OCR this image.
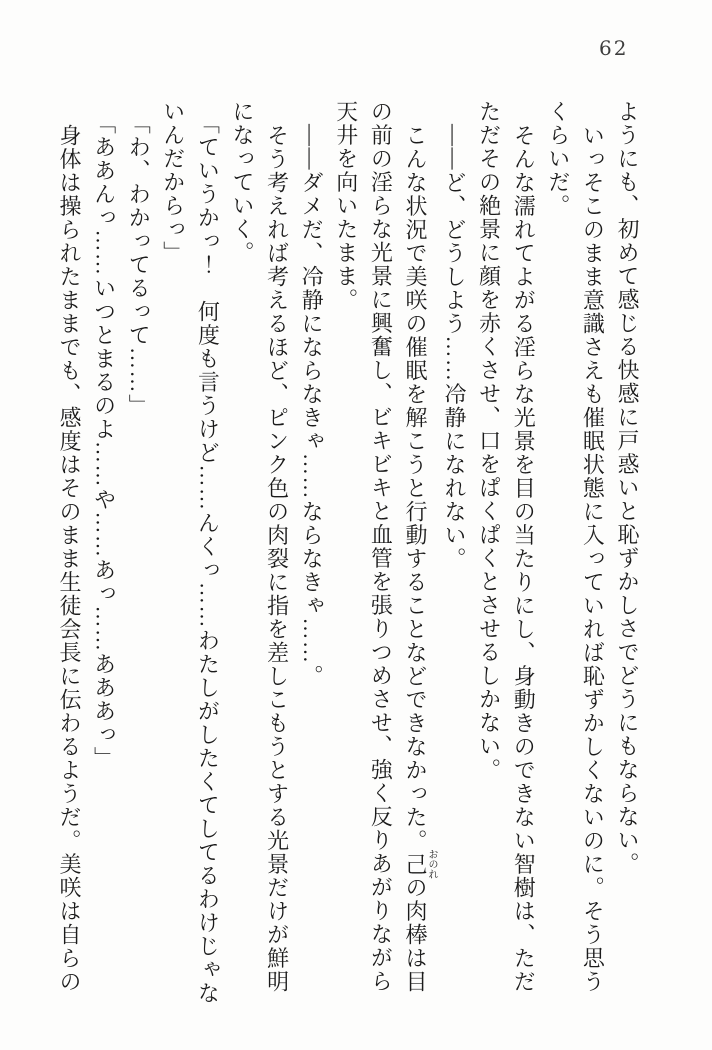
62
ようにも、初めて感じる快感に戸惑いと恥ずかしさでどうにもならない。
いっそこのまま意識さえも催眠状態に入っていれば恥ずかしくないのに。そう思う
くらいだ。
そんな濡れてよがる淫らな光景を目の当たりにし、身動きのできない智樹は、ただ
ただその絶景に顔を赤くさせ、口をぱくぱくとさせるしかない。
――ど、どうしよう……冷静になれない。
こんな状況で美咲の催眠を解こうと行動することなどできなかった。己おのれの肉棒は目
の前の淫らな光景に興奮し、ビキビキと血管を張りつめさせ、強く反りあがりながら
天井を向いたまま。
――ダメだ、冷静にならなきゃ……ならなきゃ……。
そう考えれば考えるほど、ピンク色の肉裂に指を差しこもうとする光景だけが鮮明
になっていく。
「ていうかっ！　何度も言うけど……んくっ……わたしがしたくてしてるわけじゃな
いんだからっ」
「わ、わかってるって……」
「ああんっ……いつとまるのよ……や……あっ……あああっ」
身体は操られたままでも、感度はそのまま生徒会長に伝わるようだ。美咲は自らの
